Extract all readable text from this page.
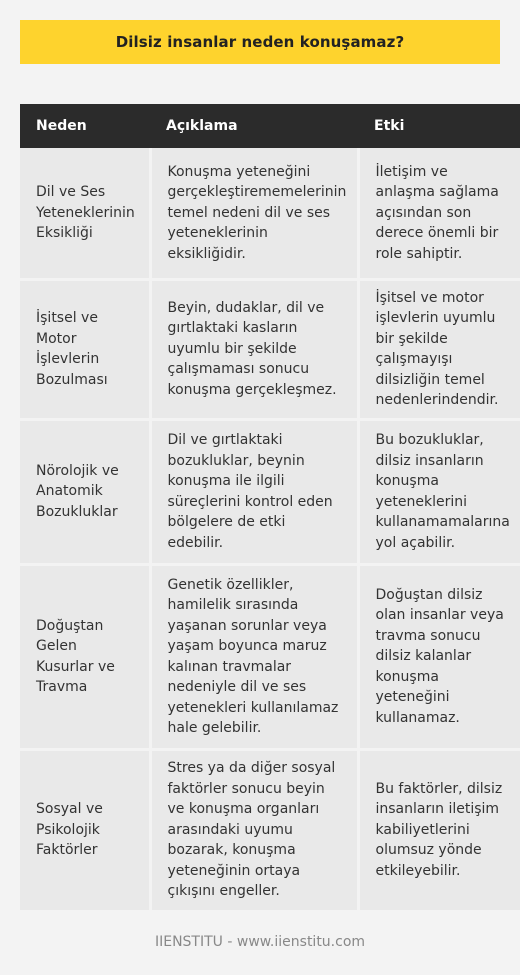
Dilsiz insanlar neden konuşamaz?
Neden	Açıklama	Etki
Dil ve Ses Yeteneklerinin Eksikliği	Konuşma yeteneğini gerçekleştirememelerinin temel nedeni dil ve ses yeteneklerinin eksikliğidir.	İletişim ve anlaşma sağlama açısından son derece önemli bir role sahiptir.
İşitsel ve Motor İşlevlerin Bozulması	Beyin, dudaklar, dil ve gırtlaktaki kasların uyumlu bir şekilde çalışmaması sonucu konuşma gerçekleşmez.	İşitsel ve motor işlevlerin uyumlu bir şekilde çalışmayışı dilsizliğin temel nedenlerindendir.
Nörolojik ve Anatomik Bozukluklar	Dil ve gırtlaktaki bozukluklar, beynin konuşma ile ilgili süreçlerini kontrol eden bölgelere de etki edebilir.	Bu bozukluklar, dilsiz insanların konuşma yeteneklerini kullanamamalarına yol açabilir.
Doğuştan Gelen Kusurlar ve Travma	Genetik özellikler, hamilelik sırasında yaşanan sorunlar veya yaşam boyunca maruz kalınan travmalar nedeniyle dil ve ses yetenekleri kullanılamaz hale gelebilir.	Doğuştan dilsiz olan insanlar veya travma sonucu dilsiz kalanlar konuşma yeteneğini kullanamaz.
Sosyal ve Psikolojik Faktörler	Stres ya da diğer sosyal faktörler sonucu beyin ve konuşma organları arasındaki uyumu bozarak, konuşma yeteneğinin ortaya çıkışını engeller.	Bu faktörler, dilsiz insanların iletişim kabiliyetlerini olumsuz yönde etkileyebilir.
IIENSTITU - www.iienstitu.com
